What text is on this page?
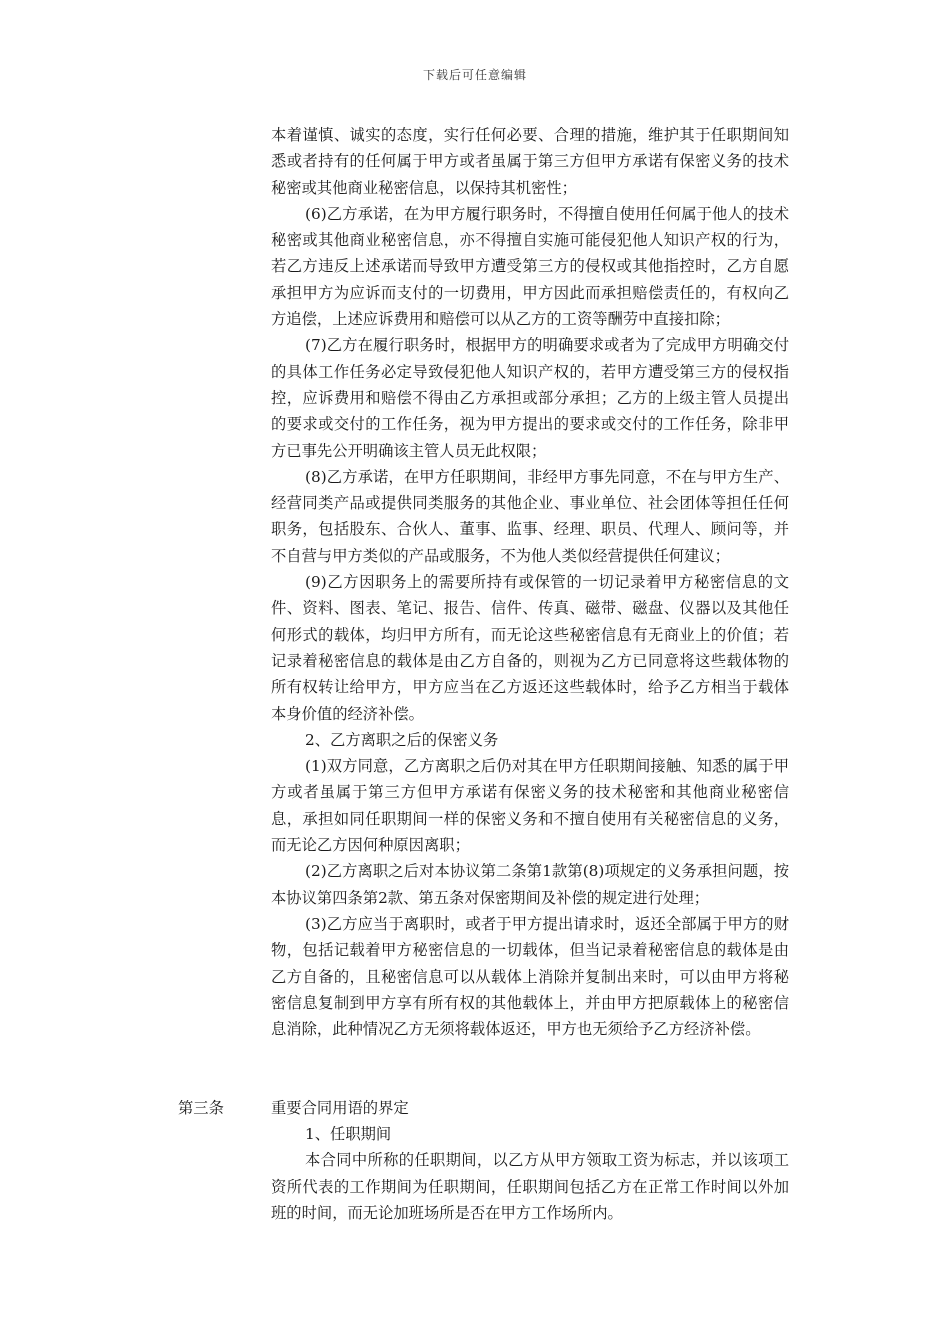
下载后可任意编辑

本着谨慎、诚实的态度，实行任何必要、合理的措施，维护其于任职期间知悉或者持有的任何属于甲方或者虽属于第三方但甲方承诺有保密义务的技术秘密或其他商业秘密信息，以保持其机密性；

(6)乙方承诺，在为甲方履行职务时，不得擅自使用任何属于他人的技术秘密或其他商业秘密信息，亦不得擅自实施可能侵犯他人知识产权的行为，若乙方违反上述承诺而导致甲方遭受第三方的侵权或其他指控时，乙方自愿承担甲方为应诉而支付的一切费用，甲方因此而承担赔偿责任的，有权向乙方追偿，上述应诉费用和赔偿可以从乙方的工资等酬劳中直接扣除；

(7)乙方在履行职务时，根据甲方的明确要求或者为了完成甲方明确交付的具体工作任务必定导致侵犯他人知识产权的，若甲方遭受第三方的侵权指控，应诉费用和赔偿不得由乙方承担或部分承担；乙方的上级主管人员提出的要求或交付的工作任务，视为甲方提出的要求或交付的工作任务，除非甲方已事先公开明确该主管人员无此权限；

(8)乙方承诺，在甲方任职期间，非经甲方事先同意，不在与甲方生产、经营同类产品或提供同类服务的其他企业、事业单位、社会团体等担任任何职务，包括股东、合伙人、董事、监事、经理、职员、代理人、顾问等，并不自营与甲方类似的产品或服务，不为他人类似经营提供任何建议；

(9)乙方因职务上的需要所持有或保管的一切记录着甲方秘密信息的文件、资料、图表、笔记、报告、信件、传真、磁带、磁盘、仪器以及其他任何形式的载体，均归甲方所有，而无论这些秘密信息有无商业上的价值；若记录着秘密信息的载体是由乙方自备的，则视为乙方已同意将这些载体物的所有权转让给甲方，甲方应当在乙方返还这些载体时，给予乙方相当于载体本身价值的经济补偿。

2、乙方离职之后的保密义务

(1)双方同意，乙方离职之后仍对其在甲方任职期间接触、知悉的属于甲方或者虽属于第三方但甲方承诺有保密义务的技术秘密和其他商业秘密信息，承担如同任职期间一样的保密义务和不擅自使用有关秘密信息的义务，而无论乙方因何种原因离职；

(2)乙方离职之后对本协议第二条第1款第(8)项规定的义务承担问题，按本协议第四条第2款、第五条对保密期间及补偿的规定进行处理；

(3)乙方应当于离职时，或者于甲方提出请求时，返还全部属于甲方的财物，包括记载着甲方秘密信息的一切载体，但当记录着秘密信息的载体是由乙方自备的，且秘密信息可以从载体上消除并复制出来时，可以由甲方将秘密信息复制到甲方享有所有权的其他载体上，并由甲方把原载体上的秘密信息消除，此种情况乙方无须将载体返还，甲方也无须给予乙方经济补偿。

第三条	重要合同用语的界定

1、任职期间

本合同中所称的任职期间，以乙方从甲方领取工资为标志，并以该项工资所代表的工作期间为任职期间，任职期间包括乙方在正常工作时间以外加班的时间，而无论加班场所是否在甲方工作场所内。
